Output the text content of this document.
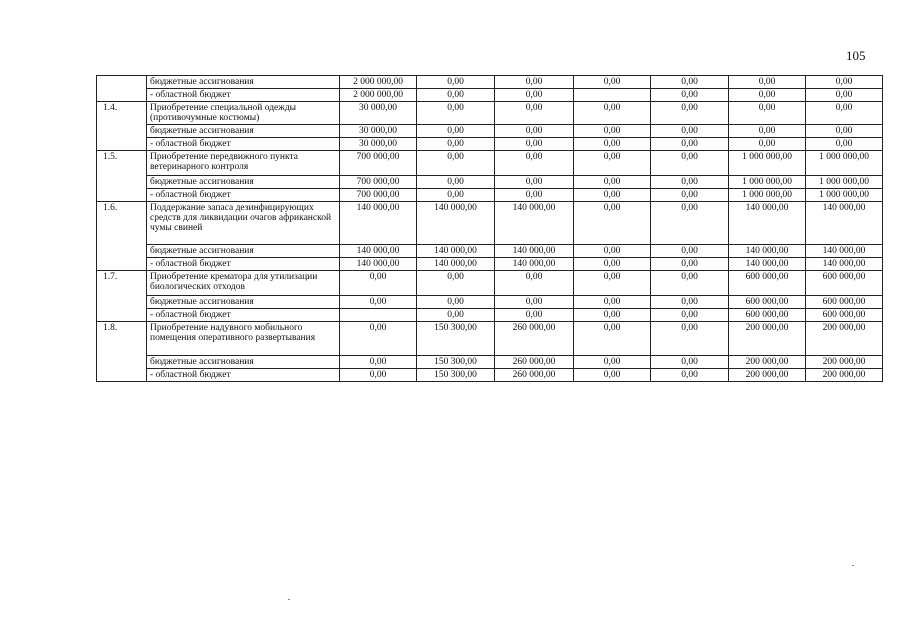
105
	бюджетные ассигнования	2 000 000,00	0,00	0,00	0,00	0,00	0,00	0,00
	- областной бюджет	2 000 000,00	0,00	0,00		0,00	0,00	0,00
1.4.	Приобретение специальной одежды (противочумные костюмы)	30 000,00	0,00	0,00	0,00	0,00	0,00	0,00
	бюджетные ассигнования	30 000,00	0,00	0,00	0,00	0,00	0,00	0,00
	- областной бюджет	30 000,00	0,00	0,00	0,00	0,00	0,00	0,00
1.5.	Приобретение передвижного пункта ветеринарного контроля	700 000,00	0,00	0,00	0,00	0,00	1 000 000,00	1 000 000,00
	бюджетные ассигнования	700 000,00	0,00	0,00	0,00	0,00	1 000 000,00	1 000 000,00
	- областной бюджет	700 000,00	0,00	0,00	0,00	0,00	1 000 000,00	1 000 000,00
1.6.	Поддержание запаса дезинфицирующих средств для ликвидации очагов африканской чумы свиней	140 000,00	140 000,00	140 000,00	0,00	0,00	140 000,00	140 000,00
	бюджетные ассигнования	140 000,00	140 000,00	140 000,00	0,00	0,00	140 000,00	140 000,00
	- областной бюджет	140 000,00	140 000,00	140 000,00	0,00	0,00	140 000,00	140 000,00
1.7.	Приобретение крематора для утилизации биологических отходов	0,00	0,00	0,00	0,00	0,00	600 000,00	600 000,00
	бюджетные ассигнования	0,00	0,00	0,00	0,00	0,00	600 000,00	600 000,00
	- областной бюджет		0,00	0,00	0,00	0,00	600 000,00	600 000,00
1.8.	Приобретение надувного мобильного помещения оперативного развертывания	0,00	150 300,00	260 000,00	0,00	0,00	200 000,00	200 000,00
	бюджетные ассигнования	0,00	150 300,00	260 000,00	0,00	0,00	200 000,00	200 000,00
	- областной бюджет	0,00	150 300,00	260 000,00	0,00	0,00	200 000,00	200 000,00
